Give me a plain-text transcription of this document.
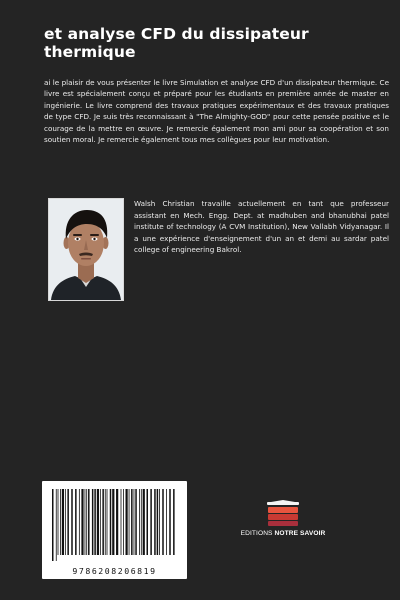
et analyse CFD du dissipateur thermique
ai le plaisir de vous présenter le livre Simulation et analyse CFD d'un dissipateur thermique. Ce livre est spécialement conçu et préparé pour les étudiants en première année de master en ingénierie. Le livre comprend des travaux pratiques expérimentaux et des travaux pratiques de type CFD. Je suis très reconnaissant à "The Almighty-GOD" pour cette pensée positive et le courage de la mettre en œuvre. Je remercie également mon ami pour sa coopération et son soutien moral. Je remercie également tous mes collègues pour leur motivation.
Walsh Christian travaille actuellement en tant que professeur assistant en Mech. Engg. Dept. at madhuben and bhanubhai patel institute of technology (A CVM Institution), New Vallabh Vidyanagar. Il a une expérience d'enseignement d'un an et demi au sardar patel college of engineering Bakrol.
9786208206819
EDITIONS NOTRE SAVOIR
